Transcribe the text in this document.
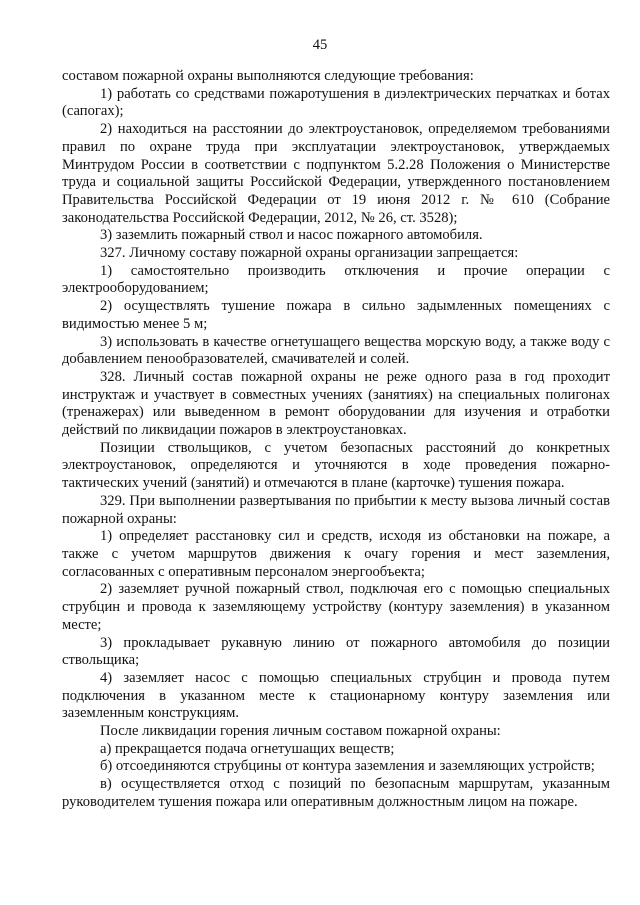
45

составом пожарной охраны выполняются следующие требования:

1) работать со средствами пожаротушения в диэлектрических перчатках и ботах (сапогах);

2) находиться на расстоянии до электроустановок, определяемом требованиями правил по охране труда при эксплуатации электроустановок, утверждаемых Минтрудом России в соответствии с подпунктом 5.2.28 Положения о Министерстве труда и социальной защиты Российской Федерации, утвержденного постановлением Правительства Российской Федерации от 19 июня 2012 г. № 610 (Собрание законодательства Российской Федерации, 2012, № 26, ст. 3528);

3) заземлить пожарный ствол и насос пожарного автомобиля.

327. Личному составу пожарной охраны организации запрещается:

1) самостоятельно производить отключения и прочие операции с электрооборудованием;

2) осуществлять тушение пожара в сильно задымленных помещениях с видимостью менее 5 м;

3) использовать в качестве огнетушащего вещества морскую воду, а также воду с добавлением пенообразователей, смачивателей и солей.

328. Личный состав пожарной охраны не реже одного раза в год проходит инструктаж и участвует в совместных учениях (занятиях) на специальных полигонах (тренажерах) или выведенном в ремонт оборудовании для изучения и отработки действий по ликвидации пожаров в электроустановках.

Позиции ствольщиков, с учетом безопасных расстояний до конкретных электроустановок, определяются и уточняются в ходе проведения пожарно-тактических учений (занятий) и отмечаются в плане (карточке) тушения пожара.

329. При выполнении развертывания по прибытии к месту вызова личный состав пожарной охраны:

1) определяет расстановку сил и средств, исходя из обстановки на пожаре, а также с учетом маршрутов движения к очагу горения и мест заземления, согласованных с оперативным персоналом энергообъекта;

2) заземляет ручной пожарный ствол, подключая его с помощью специальных струбцин и провода к заземляющему устройству (контуру заземления) в указанном месте;

3) прокладывает рукавную линию от пожарного автомобиля до позиции ствольщика;

4) заземляет насос с помощью специальных струбцин и провода путем подключения в указанном месте к стационарному контуру заземления или заземленным конструкциям.

После ликвидации горения личным составом пожарной охраны:

а) прекращается подача огнетушащих веществ;

б) отсоединяются струбцины от контура заземления и заземляющих устройств;

в) осуществляется отход с позиций по безопасным маршрутам, указанным руководителем тушения пожара или оперативным должностным лицом на пожаре.
